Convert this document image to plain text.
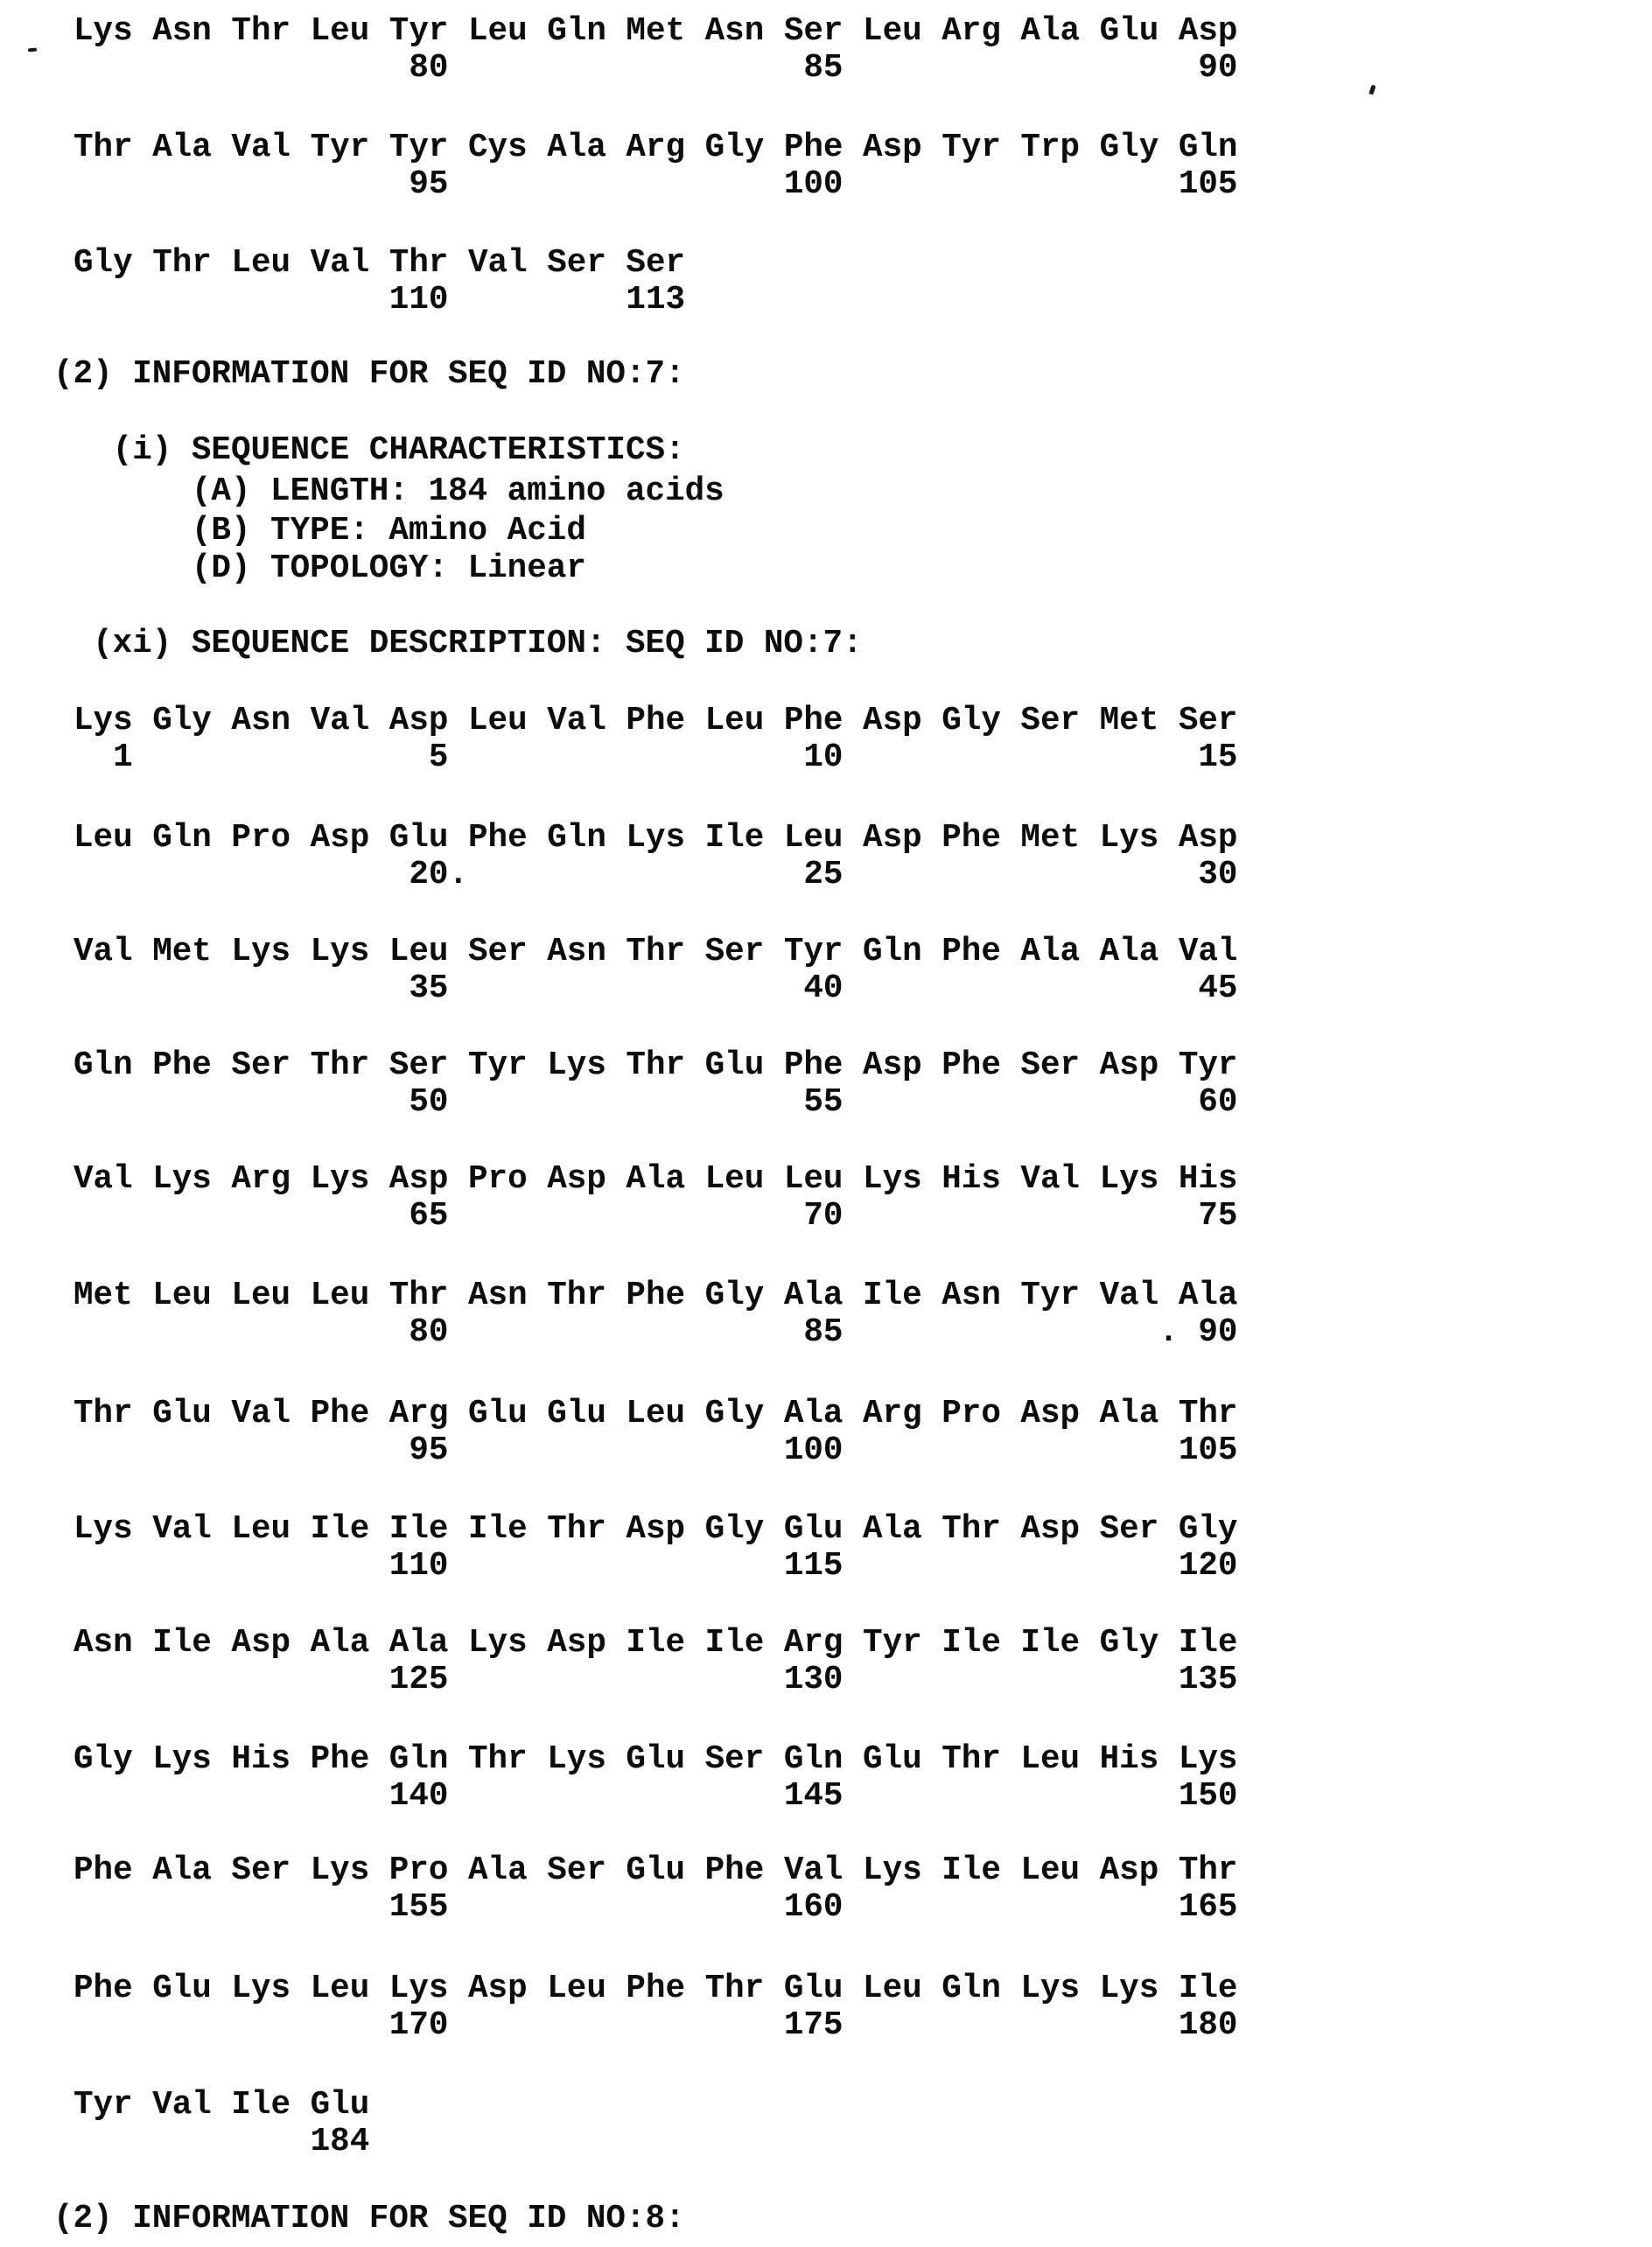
Lys Asn Thr Leu Tyr Leu Gln Met Asn Ser Leu Arg Ala Glu Asp
80                  85                  90
Thr Ala Val Tyr Tyr Cys Ala Arg Gly Phe Asp Tyr Trp Gly Gln
95                 100                 105
Gly Thr Leu Val Thr Val Ser Ser
110         113
(2) INFORMATION FOR SEQ ID NO:7:
(i) SEQUENCE CHARACTERISTICS:
(A) LENGTH: 184 amino acids
(B) TYPE: Amino Acid
(D) TOPOLOGY: Linear
(xi) SEQUENCE DESCRIPTION: SEQ ID NO:7:
Lys Gly Asn Val Asp Leu Val Phe Leu Phe Asp Gly Ser Met Ser
1               5                  10                  15
Leu Gln Pro Asp Glu Phe Gln Lys Ile Leu Asp Phe Met Lys Asp
20.                 25                  30
Val Met Lys Lys Leu Ser Asn Thr Ser Tyr Gln Phe Ala Ala Val
35                  40                  45
Gln Phe Ser Thr Ser Tyr Lys Thr Glu Phe Asp Phe Ser Asp Tyr
50                  55                  60
Val Lys Arg Lys Asp Pro Asp Ala Leu Leu Lys His Val Lys His
65                  70                  75
Met Leu Leu Leu Thr Asn Thr Phe Gly Ala Ile Asn Tyr Val Ala
80                  85                . 90
Thr Glu Val Phe Arg Glu Glu Leu Gly Ala Arg Pro Asp Ala Thr
95                 100                 105
Lys Val Leu Ile Ile Ile Thr Asp Gly Glu Ala Thr Asp Ser Gly
110                 115                 120
Asn Ile Asp Ala Ala Lys Asp Ile Ile Arg Tyr Ile Ile Gly Ile
125                 130                 135
Gly Lys His Phe Gln Thr Lys Glu Ser Gln Glu Thr Leu His Lys
140                 145                 150
Phe Ala Ser Lys Pro Ala Ser Glu Phe Val Lys Ile Leu Asp Thr
155                 160                 165
Phe Glu Lys Leu Lys Asp Leu Phe Thr Glu Leu Gln Lys Lys Ile
170                 175                 180
Tyr Val Ile Glu
184
(2) INFORMATION FOR SEQ ID NO:8:
